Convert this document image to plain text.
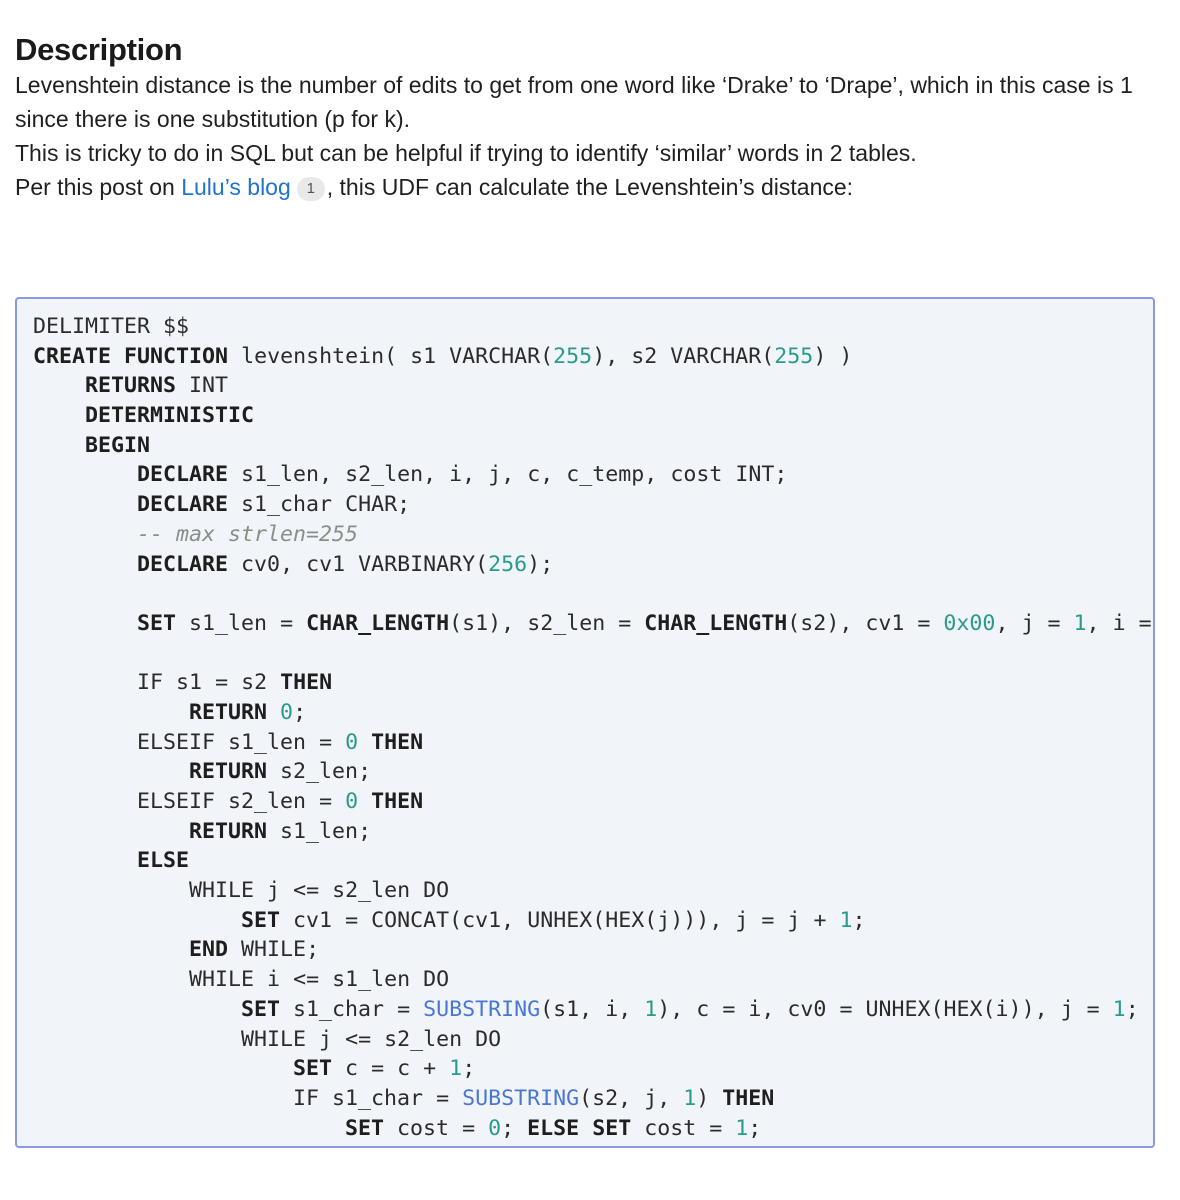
Description

Levenshtein distance is the number of edits to get from one word like ‘Drake’ to ‘Drape’, which in this case is 1 since there is one substitution (p for k).

This is tricky to do in SQL but can be helpful if trying to identify ‘similar’ words in 2 tables.

Per this post on Lulu’s blog 1 , this UDF can calculate the Levenshtein’s distance:

DELIMITER $$
CREATE FUNCTION levenshtein( s1 VARCHAR(255), s2 VARCHAR(255) )
RETURNS INT
DETERMINISTIC
BEGIN
DECLARE s1_len, s2_len, i, j, c, c_temp, cost INT;
DECLARE s1_char CHAR;
-- max strlen=255
DECLARE cv0, cv1 VARBINARY(256);

SET s1_len = CHAR_LENGTH(s1), s2_len = CHAR_LENGTH(s2), cv1 = 0x00, j = 1, i =

IF s1 = s2 THEN
RETURN 0;
ELSEIF s1_len = 0 THEN
RETURN s2_len;
ELSEIF s2_len = 0 THEN
RETURN s1_len;
ELSE
WHILE j <= s2_len DO
SET cv1 = CONCAT(cv1, UNHEX(HEX(j))), j = j + 1;
END WHILE;
WHILE i <= s1_len DO
SET s1_char = SUBSTRING(s1, i, 1), c = i, cv0 = UNHEX(HEX(i)), j = 1;
WHILE j <= s2_len DO
SET c = c + 1;
IF s1_char = SUBSTRING(s2, j, 1) THEN
SET cost = 0; ELSE SET cost = 1;
